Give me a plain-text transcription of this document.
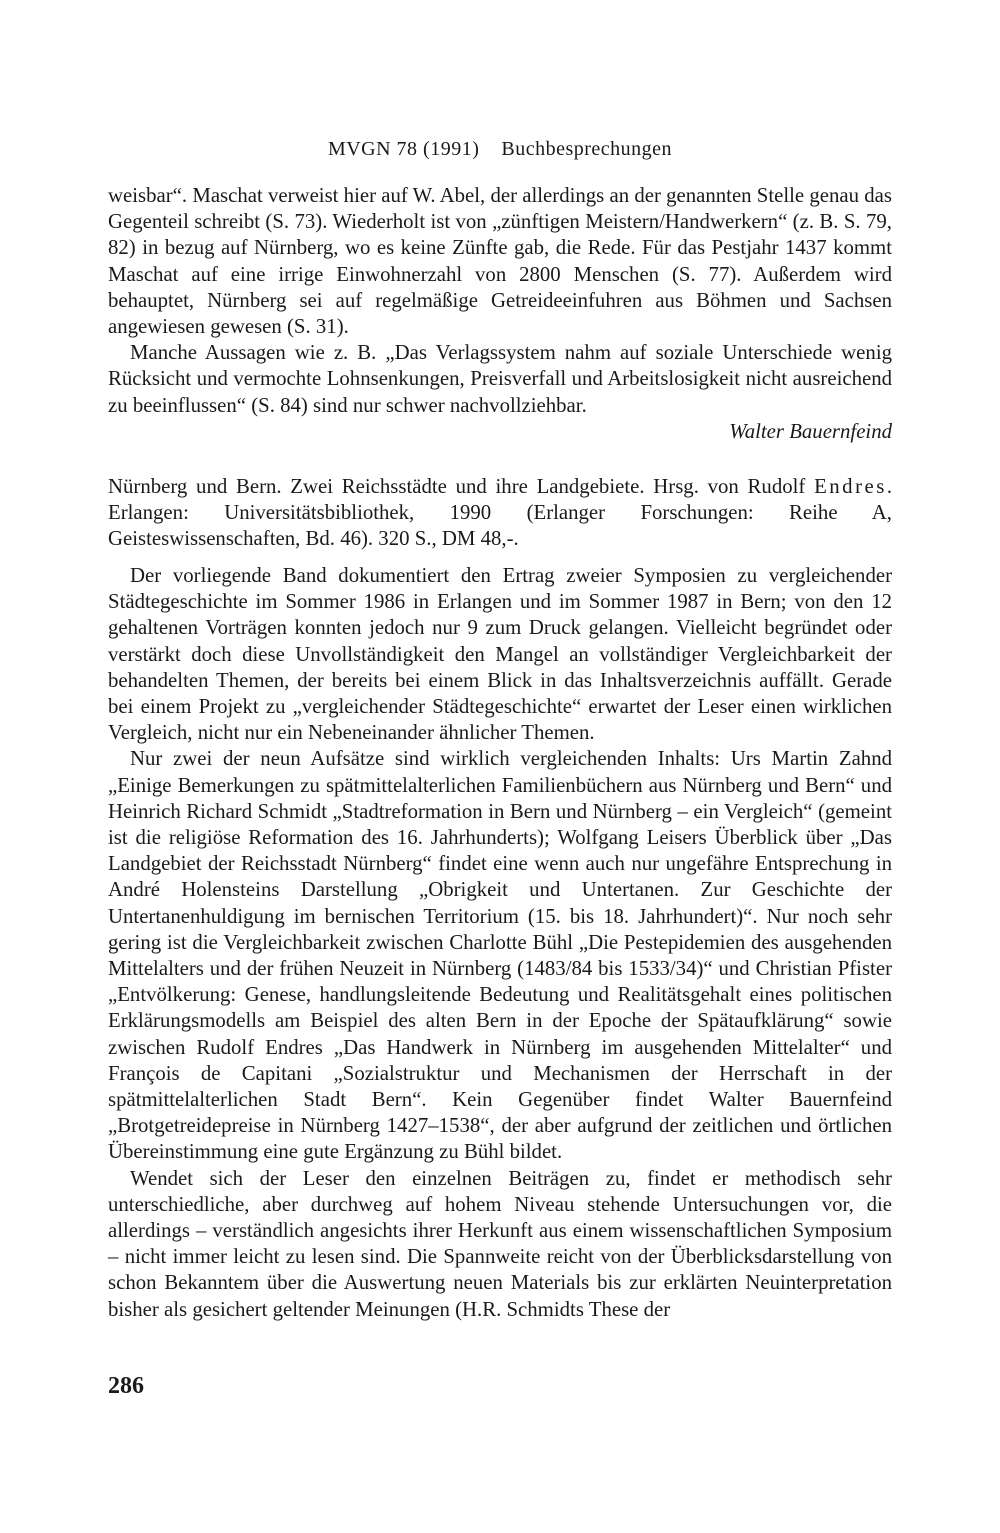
MVGN 78 (1991) Buchbesprechungen

weisbar“. Maschat verweist hier auf W. Abel, der allerdings an der genannten Stelle genau das Gegenteil schreibt (S. 73). Wiederholt ist von „zünftigen Meistern/Handwerkern“ (z. B. S. 79, 82) in bezug auf Nürnberg, wo es keine Zünfte gab, die Rede. Für das Pestjahr 1437 kommt Maschat auf eine irrige Einwohnerzahl von 2800 Menschen (S. 77). Außerdem wird behauptet, Nürnberg sei auf regelmäßige Getreideeinfuhren aus Böhmen und Sachsen angewiesen gewesen (S. 31).

Manche Aussagen wie z. B. „Das Verlagssystem nahm auf soziale Unterschiede wenig Rücksicht und vermochte Lohnsenkungen, Preisverfall und Arbeitslosigkeit nicht ausreichend zu beeinflussen“ (S. 84) sind nur schwer nachvollziehbar.

Walter Bauernfeind

Nürnberg und Bern. Zwei Reichsstädte und ihre Landgebiete. Hrsg. von Rudolf Endres. Erlangen: Universitätsbibliothek, 1990 (Erlanger Forschungen: Reihe A, Geisteswissenschaften, Bd. 46). 320 S., DM 48,-.

Der vorliegende Band dokumentiert den Ertrag zweier Symposien zu vergleichender Städtegeschichte im Sommer 1986 in Erlangen und im Sommer 1987 in Bern; von den 12 gehaltenen Vorträgen konnten jedoch nur 9 zum Druck gelangen. Vielleicht begründet oder verstärkt doch diese Unvollständigkeit den Mangel an vollständiger Vergleichbarkeit der behandelten Themen, der bereits bei einem Blick in das Inhaltsverzeichnis auffällt. Gerade bei einem Projekt zu „vergleichender Städtegeschichte“ erwartet der Leser einen wirklichen Vergleich, nicht nur ein Nebeneinander ähnlicher Themen.

Nur zwei der neun Aufsätze sind wirklich vergleichenden Inhalts: Urs Martin Zahnd „Einige Bemerkungen zu spätmittelalterlichen Familienbüchern aus Nürnberg und Bern“ und Heinrich Richard Schmidt „Stadtreformation in Bern und Nürnberg – ein Vergleich“ (gemeint ist die religiöse Reformation des 16. Jahrhunderts); Wolfgang Leisers Überblick über „Das Landgebiet der Reichsstadt Nürnberg“ findet eine wenn auch nur ungefähre Entsprechung in André Holensteins Darstellung „Obrigkeit und Untertanen. Zur Geschichte der Untertanenhuldigung im bernischen Territorium (15. bis 18. Jahrhundert)“. Nur noch sehr gering ist die Vergleichbarkeit zwischen Charlotte Bühl „Die Pestepidemien des ausgehenden Mittelalters und der frühen Neuzeit in Nürnberg (1483/84 bis 1533/34)“ und Christian Pfister „Entvölkerung: Genese, handlungsleitende Bedeutung und Realitätsgehalt eines politischen Erklärungsmodells am Beispiel des alten Bern in der Epoche der Spätaufklärung“ sowie zwischen Rudolf Endres „Das Handwerk in Nürnberg im ausgehenden Mittelalter“ und François de Capitani „Sozialstruktur und Mechanismen der Herrschaft in der spätmittelalterlichen Stadt Bern“. Kein Gegenüber findet Walter Bauernfeind „Brotgetreidepreise in Nürnberg 1427–1538“, der aber aufgrund der zeitlichen und örtlichen Übereinstimmung eine gute Ergänzung zu Bühl bildet.

Wendet sich der Leser den einzelnen Beiträgen zu, findet er methodisch sehr unterschiedliche, aber durchweg auf hohem Niveau stehende Untersuchungen vor, die allerdings – verständlich angesichts ihrer Herkunft aus einem wissenschaftlichen Symposium – nicht immer leicht zu lesen sind. Die Spannweite reicht von der Überblicksdarstellung von schon Bekanntem über die Auswertung neuen Materials bis zur erklärten Neuinterpretation bisher als gesichert geltender Meinungen (H.R. Schmidts These der

286
